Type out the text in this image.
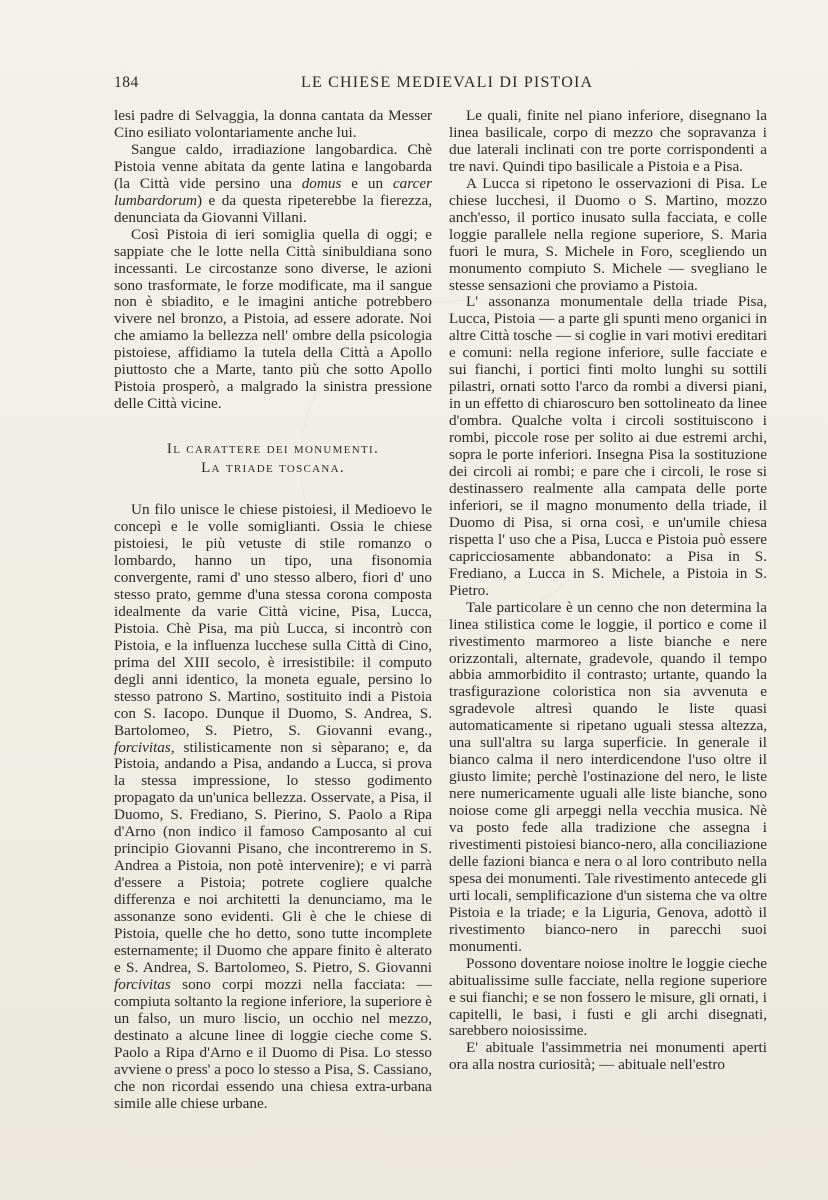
184	LE CHIESE MEDIEVALI DI PISTOIA

lesi padre di Selvaggia, la donna cantata da Messer Cino esiliato volontariamente anche lui.

Sangue caldo, irradiazione langobardica. Chè Pistoia venne abitata da gente latina e langobarda (la Città vide persino una domus e un carcer lumbardorum) e da questa ripeterebbe la fierezza, denunciata da Giovanni Villani.

Così Pistoia di ieri somiglia quella di oggi; e sappiate che le lotte nella Città sinibuldiana sono incessanti. Le circostanze sono diverse, le azioni sono trasformate, le forze modificate, ma il sangue non è sbiadito, e le imagini antiche potrebbero vivere nel bronzo, a Pistoia, ad essere adorate. Noi che amiamo la bellezza nell' ombre della psicologia pistoiese, affidiamo la tutela della Città a Apollo piuttosto che a Marte, tanto più che sotto Apollo Pistoia prosperò, a malgrado la sinistra pressione delle Città vicine.

Il carattere dei monumenti.
La triade toscana.

Un filo unisce le chiese pistoiesi, il Medioevo le concepì e le volle somiglianti. Ossia le chiese pistoiesi, le più vetuste di stile romanzo o lombardo, hanno un tipo, una fisonomia convergente, rami d' uno stesso albero, fiori d' uno stesso prato, gemme d'una stessa corona composta idealmente da varie Città vicine, Pisa, Lucca, Pistoia. Chè Pisa, ma più Lucca, si incontrò con Pistoia, e la influenza lucchese sulla Città di Cino, prima del XIII secolo, è irresistibile: il computo degli anni identico, la moneta eguale, persino lo stesso patrono S. Martino, sostituito indi a Pistoia con S. Iacopo. Dunque il Duomo, S. Andrea, S. Bartolomeo, S. Pietro, S. Giovanni evang., forcivitas, stilisticamente non si sèparano; e, da Pistoia, andando a Pisa, andando a Lucca, si prova la stessa impressione, lo stesso godimento propagato da un'unica bellezza. Osservate, a Pisa, il Duomo, S. Frediano, S. Pierino, S. Paolo a Ripa d'Arno (non indico il famoso Camposanto al cui principio Giovanni Pisano, che incontreremo in S. Andrea a Pistoia, non potè intervenire); e vi parrà d'essere a Pistoia; potrete cogliere qualche differenza e noi architetti la denunciamo, ma le assonanze sono evidenti. Gli è che le chiese di Pistoia, quelle che ho detto, sono tutte incomplete esternamente; il Duomo che appare finito è alterato e S. Andrea, S. Bartolomeo, S. Pietro, S. Giovanni forcivitas sono corpi mozzi nella facciata: — compiuta soltanto la regione inferiore, la superiore è un falso, un muro liscio, un occhio nel mezzo, destinato a alcune linee di loggie cieche come S. Paolo a Ripa d'Arno e il Duomo di Pisa. Lo stesso avviene o press' a poco lo stesso a Pisa, S. Cassiano, che non ricordai essendo una chiesa extra-urbana simile alle chiese urbane.

Le quali, finite nel piano inferiore, disegnano la linea basilicale, corpo di mezzo che sopravanza i due laterali inclinati con tre porte corrispondenti a tre navi. Quindi tipo basilicale a Pistoia e a Pisa.

A Lucca si ripetono le osservazioni di Pisa. Le chiese lucchesi, il Duomo o S. Martino, mozzo anch'esso, il portico inusato sulla facciata, e colle loggie parallele nella regione superiore, S. Maria fuori le mura, S. Michele in Foro, scegliendo un monumento compiuto S. Michele — svegliano le stesse sensazioni che proviamo a Pistoia.

L' assonanza monumentale della triade Pisa, Lucca, Pistoia — a parte gli spunti meno organici in altre Città tosche — si coglie in vari motivi ereditari e comuni: nella regione inferiore, sulle facciate e sui fianchi, i portici finti molto lunghi su sottili pilastri, ornati sotto l'arco da rombi a diversi piani, in un effetto di chiaroscuro ben sottolineato da linee d'ombra. Qualche volta i circoli sostituiscono i rombi, piccole rose per solito ai due estremi archi, sopra le porte inferiori. Insegna Pisa la sostituzione dei circoli ai rombi; e pare che i circoli, le rose si destinassero realmente alla campata delle porte inferiori, se il magno monumento della triade, il Duomo di Pisa, si orna così, e un'umile chiesa rispetta l' uso che a Pisa, Lucca e Pistoia può essere capricciosamente abbandonato: a Pisa in S. Frediano, a Lucca in S. Michele, a Pistoia in S. Pietro.

Tale particolare è un cenno che non determina la linea stilistica come le loggie, il portico e come il rivestimento marmoreo a liste bianche e nere orizzontali, alternate, gradevole, quando il tempo abbia ammorbidito il contrasto; urtante, quando la trasfigurazione coloristica non sia avvenuta e sgradevole altresì quando le liste quasi automaticamente si ripetano uguali stessa altezza, una sull'altra su larga superficie. In generale il bianco calma il nero interdicendone l'uso oltre il giusto limite; perchè l'ostinazione del nero, le liste nere numericamente uguali alle liste bianche, sono noiose come gli arpeggi nella vecchia musica. Nè va posto fede alla tradizione che assegna i rivestimenti pistoiesi bianco-nero, alla conciliazione delle fazioni bianca e nera o al loro contributo nella spesa dei monumenti. Tale rivestimento antecede gli urti locali, semplificazione d'un sistema che va oltre Pistoia e la triade; e la Liguria, Genova, adottò il rivestimento bianco-nero in parecchi suoi monumenti.

Possono doventare noiose inoltre le loggie cieche abitualissime sulle facciate, nella regione superiore e sui fianchi; e se non fossero le misure, gli ornati, i capitelli, le basi, i fusti e gli archi disegnati, sarebbero noiosissime.

E' abituale l'assimmetria nei monumenti aperti ora alla nostra curiosità; — abituale nell'estro
